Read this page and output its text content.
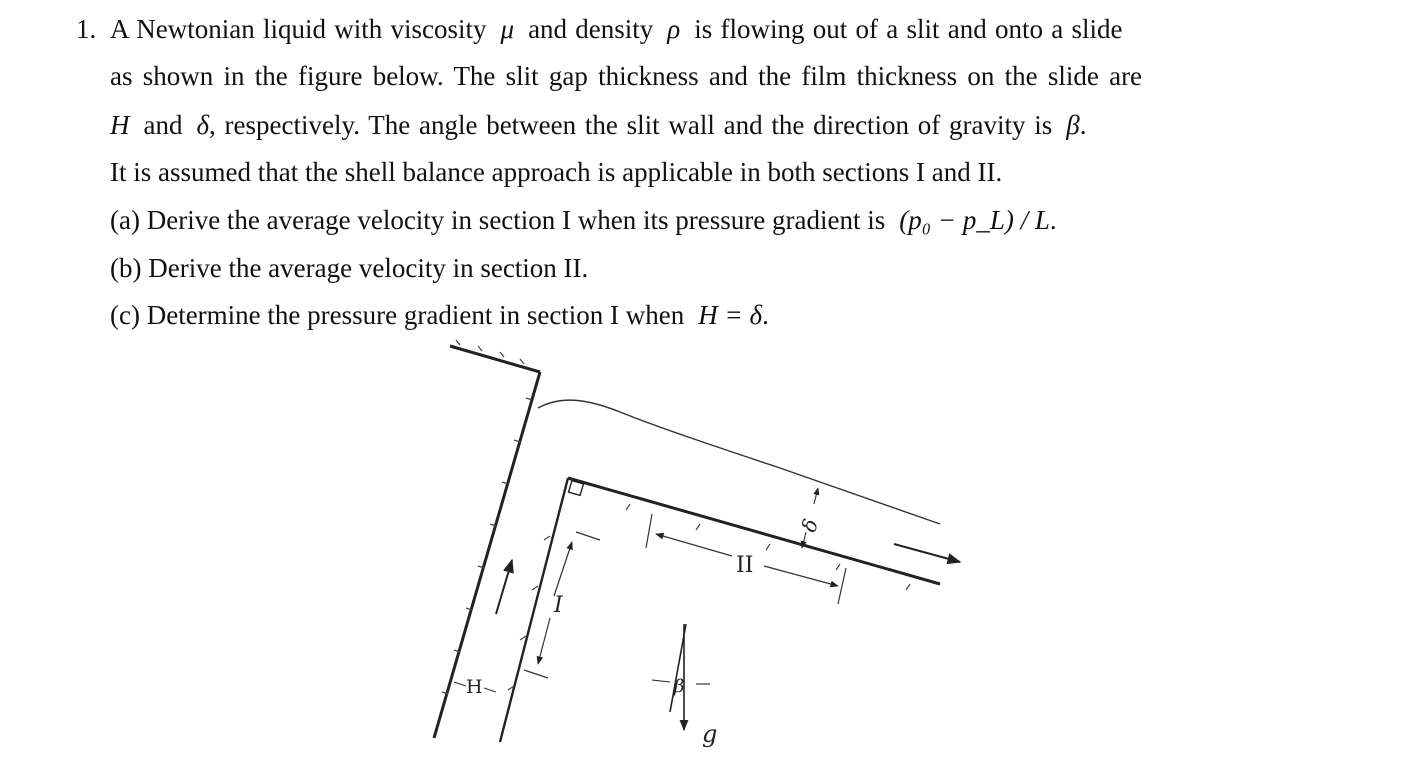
1. A Newtonian liquid with viscosity μ and density ρ is flowing out of a slit and onto a slide
as shown in the figure below. The slit gap thickness and the film thickness on the slide are
H and δ, respectively. The angle between the slit wall and the direction of gravity is β.
It is assumed that the shell balance approach is applicable in both sections I and II.
(a) Derive the average velocity in section I when its pressure gradient is (p₀ − p_L) / L.
(b) Derive the average velocity in section II.
(c) Determine the pressure gradient in section I when H = δ.
I
II
δ
H	β
g
